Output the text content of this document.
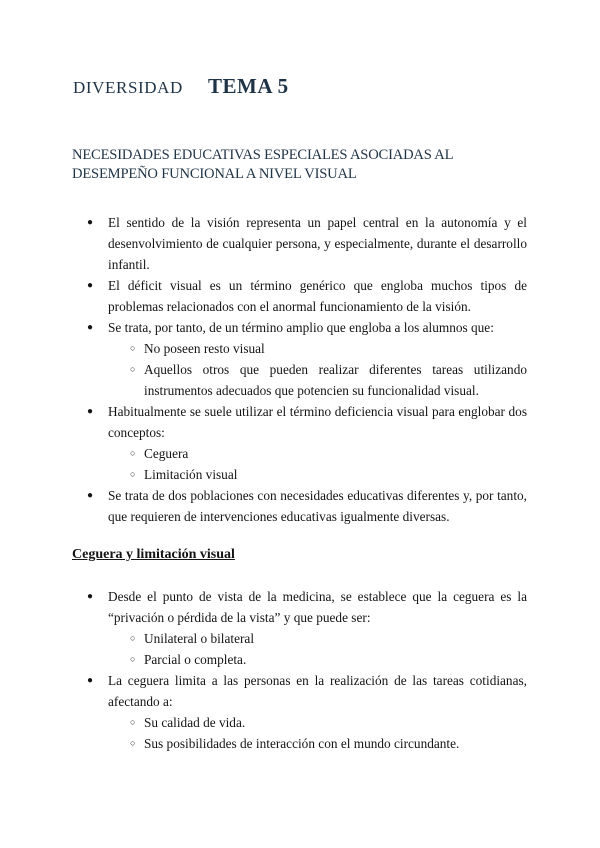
DIVERSIDAD TEMA 5
NECESIDADES EDUCATIVAS ESPECIALES ASOCIADAS AL DESEMPEÑO FUNCIONAL A NIVEL VISUAL
● El sentido de la visión representa un papel central en la autonomía y el desenvolvimiento de cualquier persona, y especialmente, durante el desarrollo infantil.
● El déficit visual es un término genérico que engloba muchos tipos de problemas relacionados con el anormal funcionamiento de la visión.
● Se trata, por tanto, de un término amplio que engloba a los alumnos que:
○ No poseen resto visual
○ Aquellos otros que pueden realizar diferentes tareas utilizando instrumentos adecuados que potencien su funcionalidad visual.
● Habitualmente se suele utilizar el término deficiencia visual para englobar dos conceptos:
○ Ceguera
○ Limitación visual
● Se trata de dos poblaciones con necesidades educativas diferentes y, por tanto, que requieren de intervenciones educativas igualmente diversas.
Ceguera y limitación visual
● Desde el punto de vista de la medicina, se establece que la ceguera es la “privación o pérdida de la vista” y que puede ser:
○ Unilateral o bilateral
○ Parcial o completa.
● La ceguera limita a las personas en la realización de las tareas cotidianas, afectando a:
○ Su calidad de vida.
○ Sus posibilidades de interacción con el mundo circundante.
